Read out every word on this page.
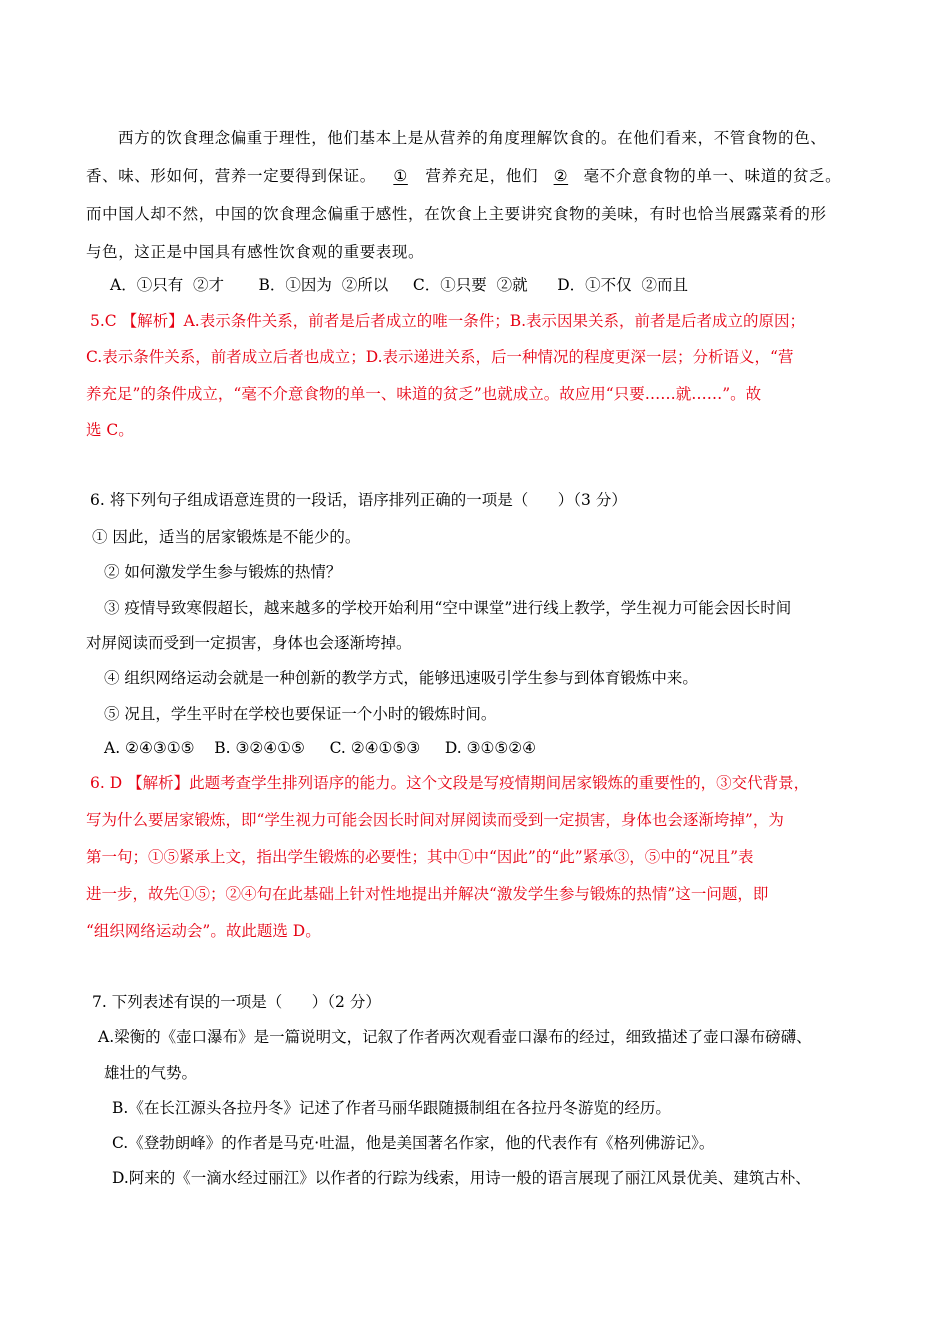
西方的饮食理念偏重于理性，他们基本上是从营养的角度理解饮食的。在他们看来，不管食物的色、
香、味、形如何，营养一定要得到保证。 ① 营养充足，他们 ② 毫不介意食物的单一、味道的贫乏。
而中国人却不然，中国的饮食理念偏重于感性，在饮食上主要讲究食物的美味，有时也恰当展露菜肴的形
与色，这正是中国具有感性饮食观的重要表现。
A．①只有  ②才       B．①因为  ②所以     C．①只要  ②就      D．①不仅  ②而且
5.C 【解析】A.表示条件关系，前者是后者成立的唯一条件；B.表示因果关系，前者是后者成立的原因；
C.表示条件关系，前者成立后者也成立；D.表示递进关系，后一种情况的程度更深一层；分析语义，“营
养充足”的条件成立，“毫不介意食物的单一、味道的贫乏”也就成立。故应用“只要……就……”。故
选 C。
6. 将下列句子组成语意连贯的一段话，语序排列正确的一项是（      ）（3 分）
① 因此，适当的居家锻炼是不能少的。
② 如何激发学生参与锻炼的热情？
③ 疫情导致寒假超长，越来越多的学校开始利用“空中课堂”进行线上教学，学生视力可能会因长时间
对屏阅读而受到一定损害，身体也会逐渐垮掉。
④ 组织网络运动会就是一种创新的教学方式，能够迅速吸引学生参与到体育锻炼中来。
⑤ 况且，学生平时在学校也要保证一个小时的锻炼时间。
A. ②④③①⑤    B. ③②④①⑤     C. ②④①⑤③     D. ③①⑤②④
6. D 【解析】此题考查学生排列语序的能力。这个文段是写疫情期间居家锻炼的重要性的，③交代背景，
写为什么要居家锻炼，即“学生视力可能会因长时间对屏阅读而受到一定损害，身体也会逐渐垮掉”，为
第一句；①⑤紧承上文，指出学生锻炼的必要性；其中①中“因此”的“此”紧承③，⑤中的“况且”表
进一步，故先①⑤；②④句在此基础上针对性地提出并解决“激发学生参与锻炼的热情”这一问题，即
“组织网络运动会”。故此题选 D。
7. 下列表述有误的一项是（      ）（2 分）
A.梁衡的《壶口瀑布》是一篇说明文，记叙了作者两次观看壶口瀑布的经过，细致描述了壶口瀑布磅礴、
雄壮的气势。
B.《在长江源头各拉丹冬》记述了作者马丽华跟随摄制组在各拉丹冬游览的经历。
C.《登勃朗峰》的作者是马克·吐温，他是美国著名作家，他的代表作有《格列佛游记》。
D.阿来的《一滴水经过丽江》以作者的行踪为线索，用诗一般的语言展现了丽江风景优美、建筑古朴、
